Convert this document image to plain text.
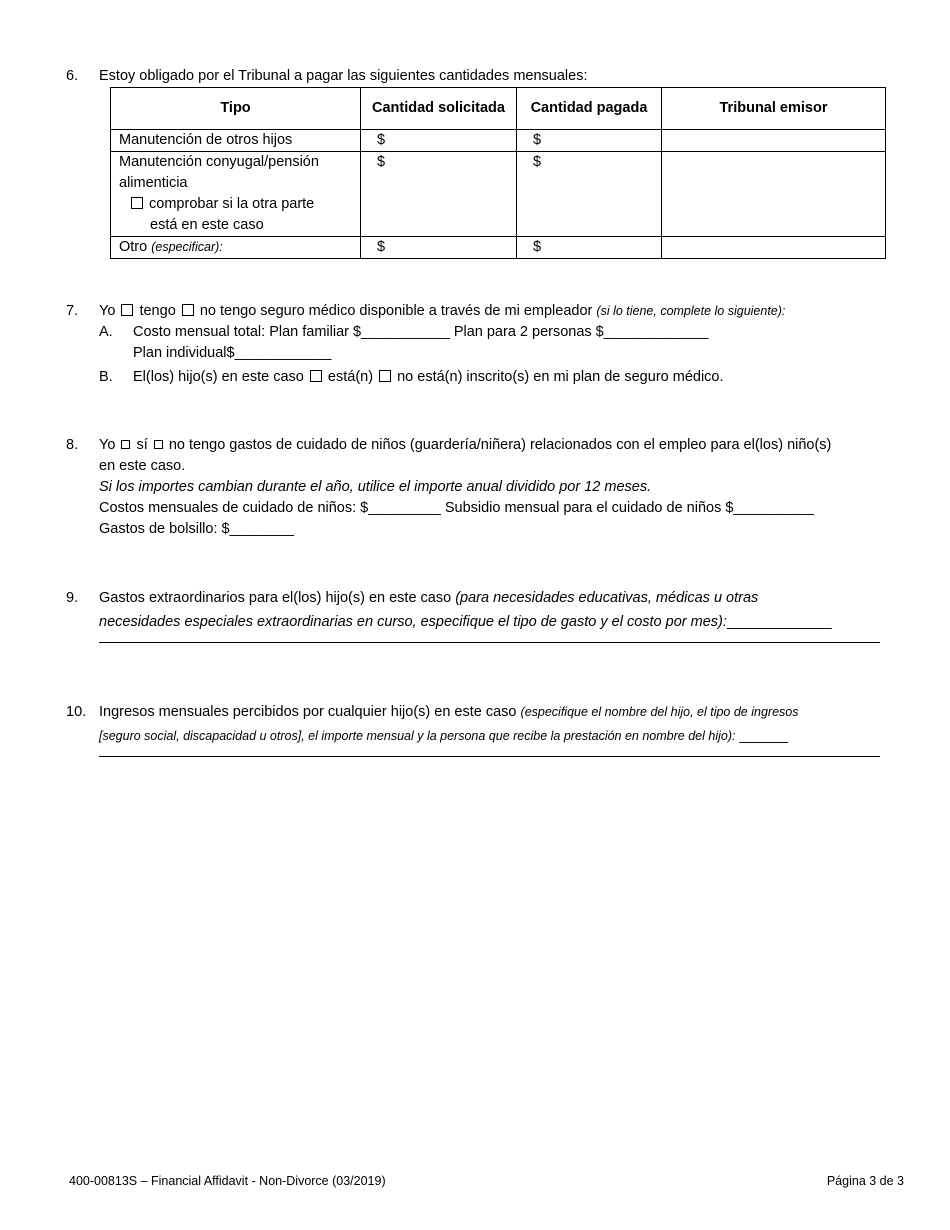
6. Estoy obligado por el Tribunal a pagar las siguientes cantidades mensuales:
Tipo	Cantidad solicitada	Cantidad pagada	Tribunal emisor
Manutención de otros hijos	$	$	
Manutención conyugal/pensión alimenticia
comprobar si la otra parte
está en este caso	$	$	
Otro (especificar):	$	$	
7. Yo tengo no tengo seguro médico disponible a través de mi empleador (si lo tiene, complete lo siguiente):
A. Costo mensual total: Plan familiar $___________ Plan para 2 personas $_____________
Plan individual$____________
B. El(los) hijo(s) en este caso está(n) no está(n) inscrito(s) en mi plan de seguro médico.
8. Yo sí no tengo gastos de cuidado de niños (guardería/niñera) relacionados con el empleo para el(los) niño(s)
en este caso.
Si los importes cambian durante el año, utilice el importe anual dividido por 12 meses.
Costos mensuales de cuidado de niños: $_________ Subsidio mensual para el cuidado de niños $__________
Gastos de bolsillo: $________
9. Gastos extraordinarios para el(los) hijo(s) en este caso (para necesidades educativas, médicas u otras
necesidades especiales extraordinarias en curso, especifique el tipo de gasto y el costo por mes):_____________
10. Ingresos mensuales percibidos por cualquier hijo(s) en este caso (especifique el nombre del hijo, el tipo de ingresos
[seguro social, discapacidad u otros], el importe mensual y la persona que recibe la prestación en nombre del hijo): ______
400-00813S – Financial Affidavit - Non-Divorce (03/2019)	Página 3 de 3
